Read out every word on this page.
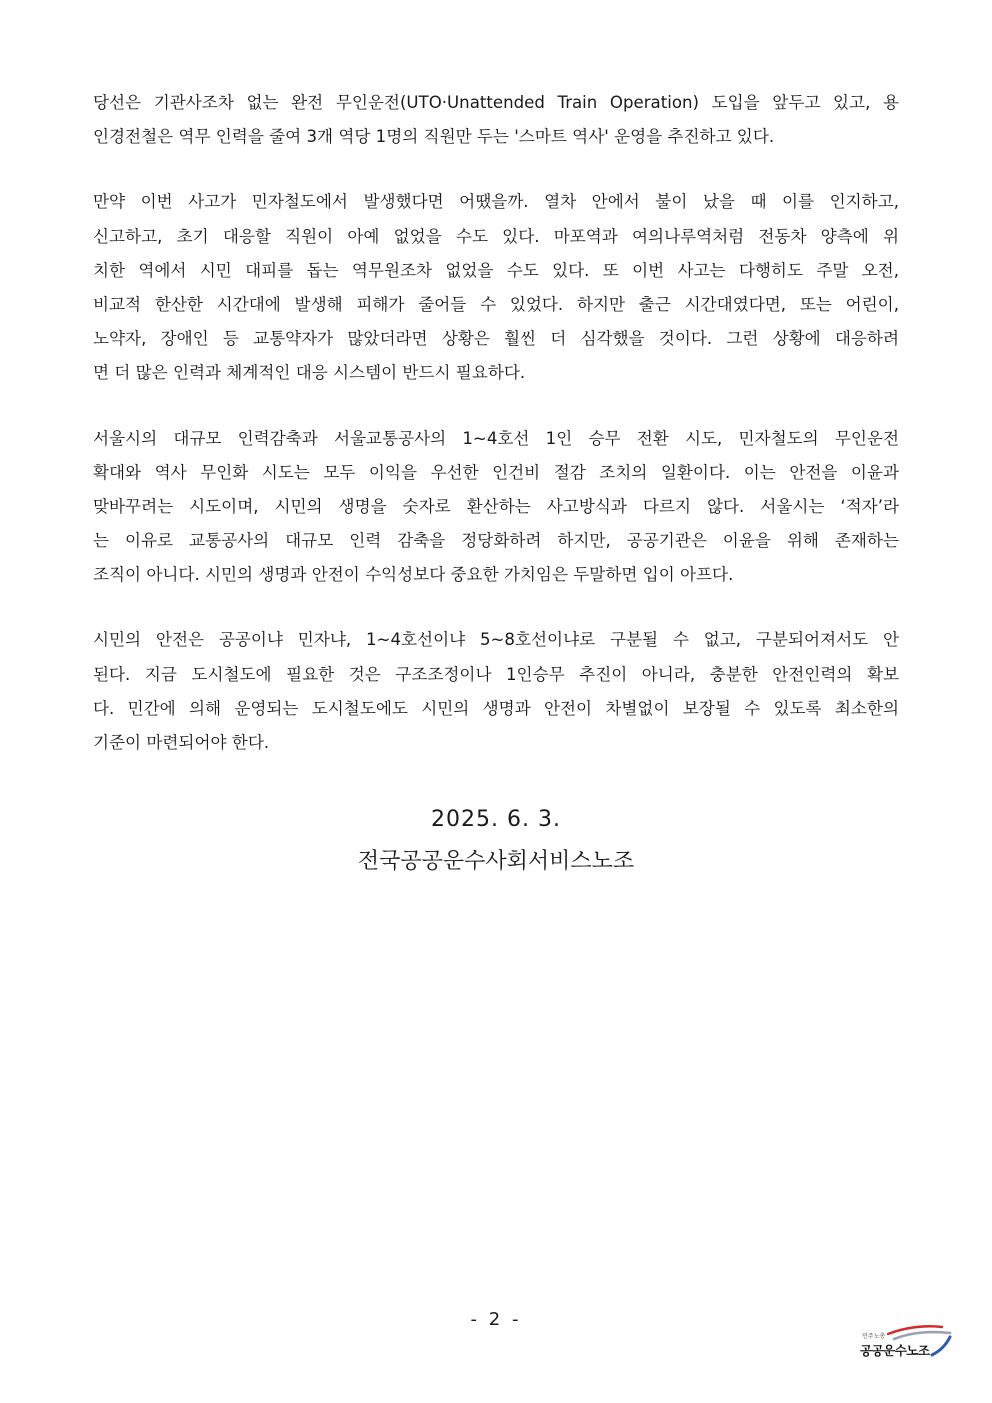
당선은 기관사조차 없는 완전 무인운전(UTO·Unattended Train Operation) 도입을 앞두고 있고, 용
인경전철은 역무 인력을 줄여 3개 역당 1명의 직원만 두는 '스마트 역사' 운영을 추진하고 있다.
만약 이번 사고가 민자철도에서 발생했다면 어땠을까. 열차 안에서 불이 났을 때 이를 인지하고,
신고하고, 초기 대응할 직원이 아예 없었을 수도 있다. 마포역과 여의나루역처럼 전동차 양측에 위
치한 역에서 시민 대피를 돕는 역무원조차 없었을 수도 있다. 또 이번 사고는 다행히도 주말 오전,
비교적 한산한 시간대에 발생해 피해가 줄어들 수 있었다. 하지만 출근 시간대였다면, 또는 어린이,
노약자, 장애인 등 교통약자가 많았더라면 상황은 훨씬 더 심각했을 것이다. 그런 상황에 대응하려
면 더 많은 인력과 체계적인 대응 시스템이 반드시 필요하다.
서울시의 대규모 인력감축과 서울교통공사의 1~4호선 1인 승무 전환 시도, 민자철도의 무인운전
확대와 역사 무인화 시도는 모두 이익을 우선한 인건비 절감 조치의 일환이다. 이는 안전을 이윤과
맞바꾸려는 시도이며, 시민의 생명을 숫자로 환산하는 사고방식과 다르지 않다. 서울시는 ‘적자’라
는 이유로 교통공사의 대규모 인력 감축을 정당화하려 하지만, 공공기관은 이윤을 위해 존재하는
조직이 아니다. 시민의 생명과 안전이 수익성보다 중요한 가치임은 두말하면 입이 아프다.
시민의 안전은 공공이냐 민자냐, 1~4호선이냐 5~8호선이냐로 구분될 수 없고, 구분되어져서도 안
된다. 지금 도시철도에 필요한 것은 구조조정이나 1인승무 추진이 아니라, 충분한 안전인력의 확보
다. 민간에 의해 운영되는 도시철도에도 시민의 생명과 안전이 차별없이 보장될 수 있도록 최소한의
기준이 마련되어야 한다.
2025. 6. 3.
전국공공운수사회서비스노조
- 2 -
민주노총
공공운수노조
